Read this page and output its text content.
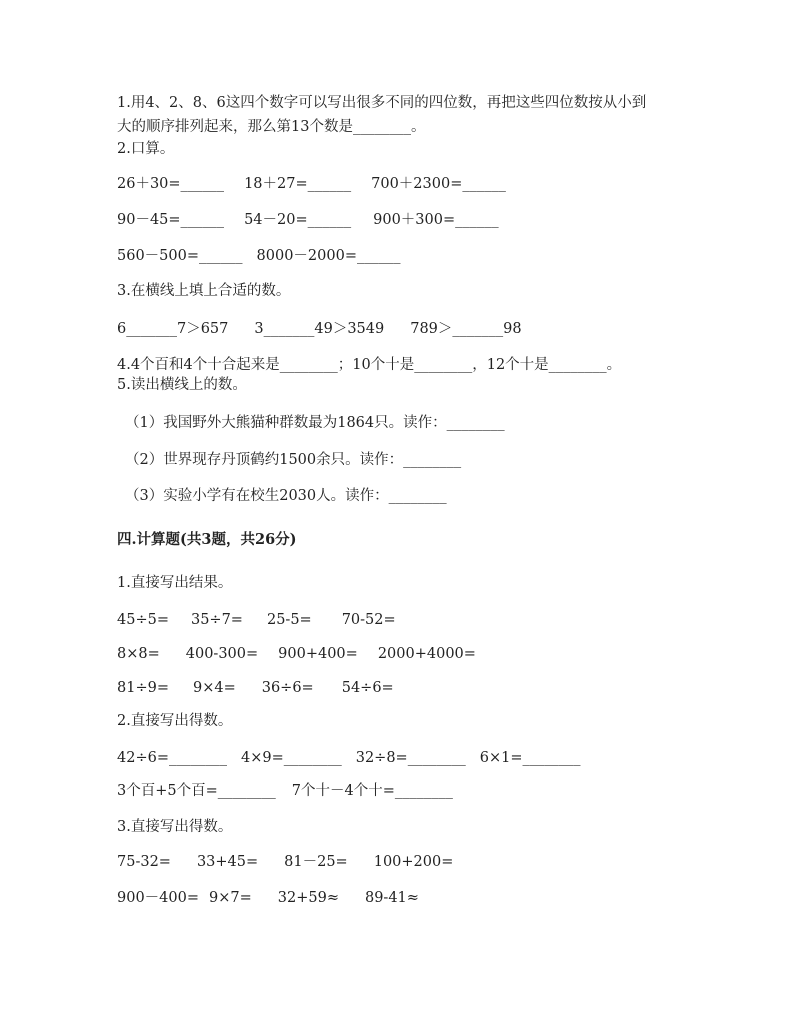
1.用4、2、8、6这四个数字可以写出很多不同的四位数，再把这些四位数按从小到
大的顺序排列起来，那么第13个数是________。
2.口算。
26＋30=______ 18＋27=______ 700＋2300=______
90－45=______ 54－20=______ 900＋300=______
560－500=______ 8000－2000=______
3.在横线上填上合适的数。
6_______7＞657 3_______49＞3549 789＞_______98
4.4个百和4个十合起来是________；10个十是________，12个十是________。
5.读出横线上的数。
（1）我国野外大熊猫种群数最为1864只。读作：________
（2）世界现存丹顶鹤约1500余只。读作：________
（3）实验小学有在校生2030人。读作：________
四.计算题(共3题，共26分)
1.直接写出结果。
45÷5= 35÷7= 25-5= 70-52=
8×8= 400-300= 900+400= 2000+4000=
81÷9= 9×4= 36÷6= 54÷6=
2.直接写出得数。
42÷6=________ 4×9=________ 32÷8=________ 6×1=________
3个百+5个百=________ 7个十－4个十=________
3.直接写出得数。
75-32= 33+45= 81－25= 100+200=
900－400= 9×7= 32+59≈ 89-41≈
